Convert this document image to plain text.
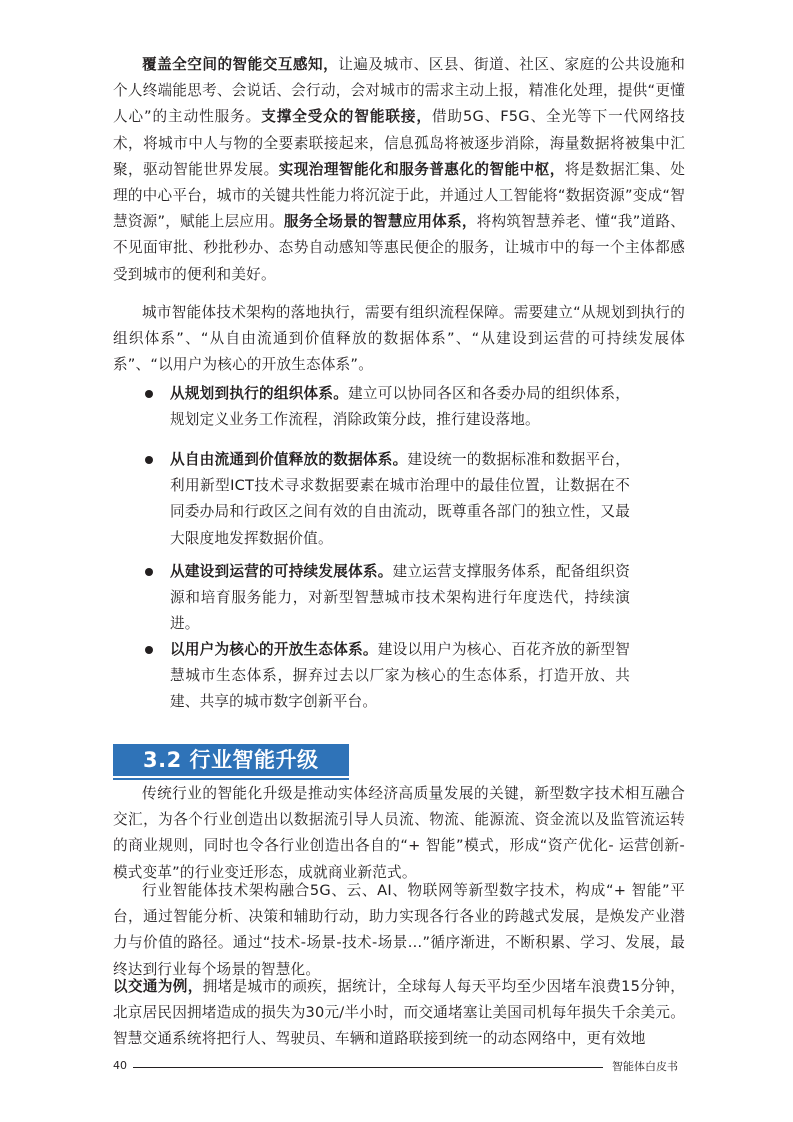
覆盖全空间的智能交互感知，让遍及城市、区县、街道、社区、家庭的公共设施和个人终端能思考、会说话、会行动，会对城市的需求主动上报，精准化处理，提供“更懂人心”的主动性服务。支撑全受众的智能联接，借助5G、F5G、全光等下一代网络技术，将城市中人与物的全要素联接起来，信息孤岛将被逐步消除，海量数据将被集中汇聚，驱动智能世界发展。实现治理智能化和服务普惠化的智能中枢，将是数据汇集、处理的中心平台，城市的关键共性能力将沉淀于此，并通过人工智能将“数据资源”变成“智慧资源”，赋能上层应用。服务全场景的智慧应用体系，将构筑智慧养老、懂“我”道路、不见面审批、秒批秒办、态势自动感知等惠民便企的服务，让城市中的每一个主体都感受到城市的便利和美好。

城市智能体技术架构的落地执行，需要有组织流程保障。需要建立“从规划到执行的组织体系”、“从自由流通到价值释放的数据体系”、“从建设到运营的可持续发展体系”、“以用户为核心的开放生态体系”。

从规划到执行的组织体系。建立可以协同各区和各委办局的组织体系，规划定义业务工作流程，消除政策分歧，推行建设落地。

从自由流通到价值释放的数据体系。建设统一的数据标准和数据平台，利用新型ICT技术寻求数据要素在城市治理中的最佳位置，让数据在不同委办局和行政区之间有效的自由流动，既尊重各部门的独立性，又最大限度地发挥数据价值。

从建设到运营的可持续发展体系。建立运营支撑服务体系，配备组织资源和培育服务能力，对新型智慧城市技术架构进行年度迭代，持续演进。

以用户为核心的开放生态体系。建设以用户为核心、百花齐放的新型智慧城市生态体系，摒弃过去以厂家为核心的生态体系，打造开放、共建、共享的城市数字创新平台。

3.2 行业智能升级

传统行业的智能化升级是推动实体经济高质量发展的关键，新型数字技术相互融合交汇，为各个行业创造出以数据流引导人员流、物流、能源流、资金流以及监管流运转的商业规则，同时也令各行业创造出各自的“+ 智能”模式，形成“资产优化- 运营创新-模式变革”的行业变迁形态，成就商业新范式。

行业智能体技术架构融合5G、云、AI、物联网等新型数字技术，构成“+ 智能”平台，通过智能分析、决策和辅助行动，助力实现各行各业的跨越式发展，是焕发产业潜力与价值的路径。通过“技术-场景-技术-场景…”循序渐进，不断积累、学习、发展，最终达到行业每个场景的智慧化。

以交通为例，拥堵是城市的顽疾，据统计，全球每人每天平均至少因堵车浪费15分钟，北京居民因拥堵造成的损失为30元/半小时，而交通堵塞让美国司机每年损失千余美元。智慧交通系统将把行人、驾驶员、车辆和道路联接到统一的动态网络中，更有效地

40	智能体白皮书
